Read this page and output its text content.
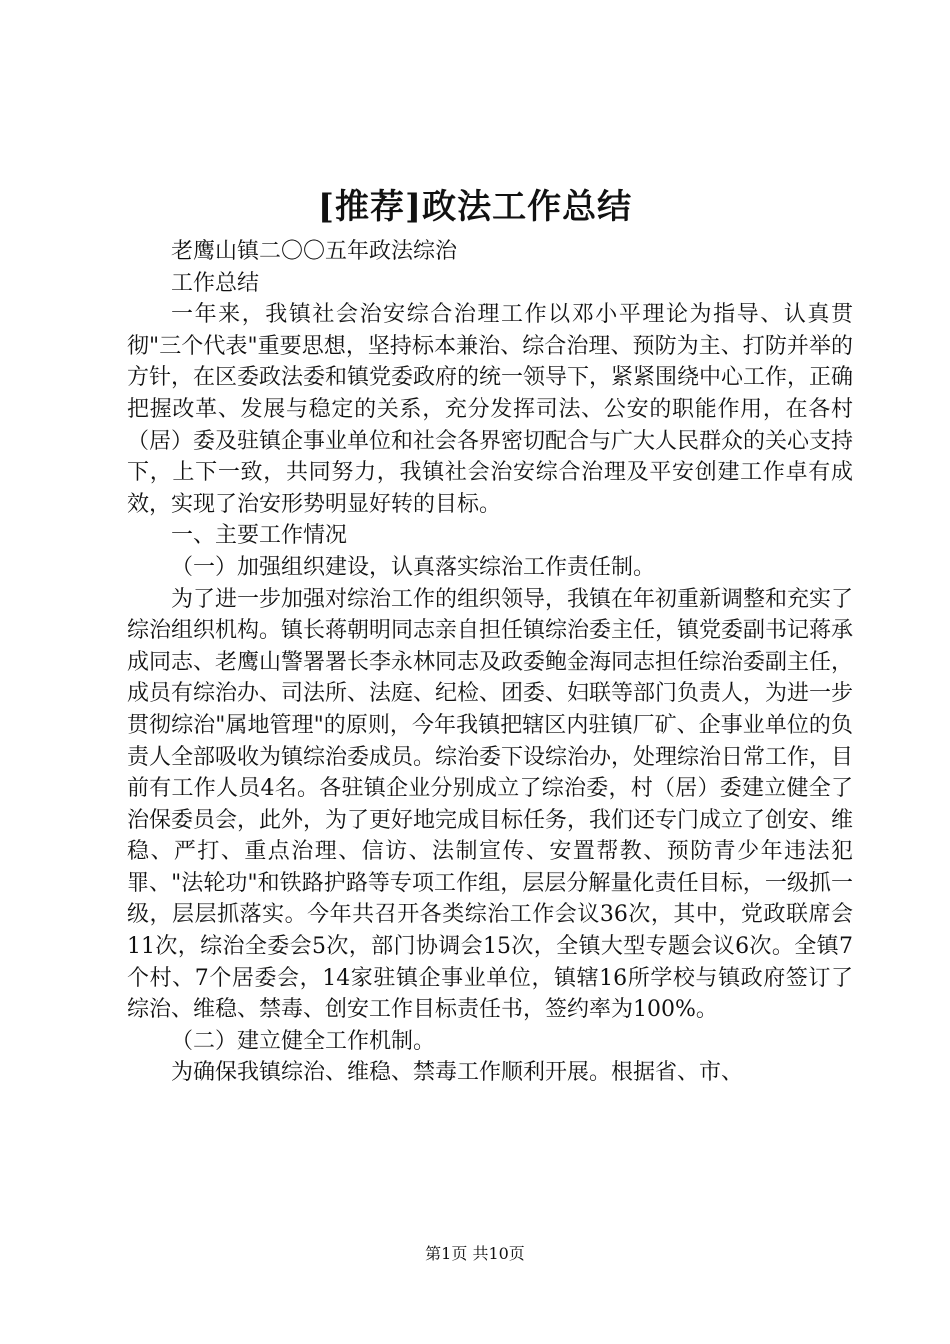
[推荐]政法工作总结

老鹰山镇二〇〇五年政法综治

工作总结

一年来，我镇社会治安综合治理工作以邓小平理论为指导、认真贯彻"三个代表"重要思想，坚持标本兼治、综合治理、预防为主、打防并举的方针，在区委政法委和镇党委政府的统一领导下，紧紧围绕中心工作，正确把握改革、发展与稳定的关系，充分发挥司法、公安的职能作用，在各村（居）委及驻镇企事业单位和社会各界密切配合与广大人民群众的关心支持下，上下一致，共同努力，我镇社会治安综合治理及平安创建工作卓有成效，实现了治安形势明显好转的目标。

一、主要工作情况

（一）加强组织建设，认真落实综治工作责任制。

为了进一步加强对综治工作的组织领导，我镇在年初重新调整和充实了综治组织机构。镇长蒋朝明同志亲自担任镇综治委主任，镇党委副书记蒋承成同志、老鹰山警署署长李永林同志及政委鲍金海同志担任综治委副主任，成员有综治办、司法所、法庭、纪检、团委、妇联等部门负责人，为进一步贯彻综治"属地管理"的原则，今年我镇把辖区内驻镇厂矿、企事业单位的负责人全部吸收为镇综治委成员。综治委下设综治办，处理综治日常工作，目前有工作人员4名。各驻镇企业分别成立了综治委，村（居）委建立健全了治保委员会，此外，为了更好地完成目标任务，我们还专门成立了创安、维稳、严打、重点治理、信访、法制宣传、安置帮教、预防青少年违法犯罪、"法轮功"和铁路护路等专项工作组，层层分解量化责任目标，一级抓一级，层层抓落实。今年共召开各类综治工作会议36次，其中，党政联席会11次，综治全委会5次，部门协调会15次，全镇大型专题会议6次。全镇7个村、7个居委会，14家驻镇企事业单位，镇辖16所学校与镇政府签订了综治、维稳、禁毒、创安工作目标责任书，签约率为100%。

（二）建立健全工作机制。

为确保我镇综治、维稳、禁毒工作顺利开展。根据省、市、

第1页 共10页
